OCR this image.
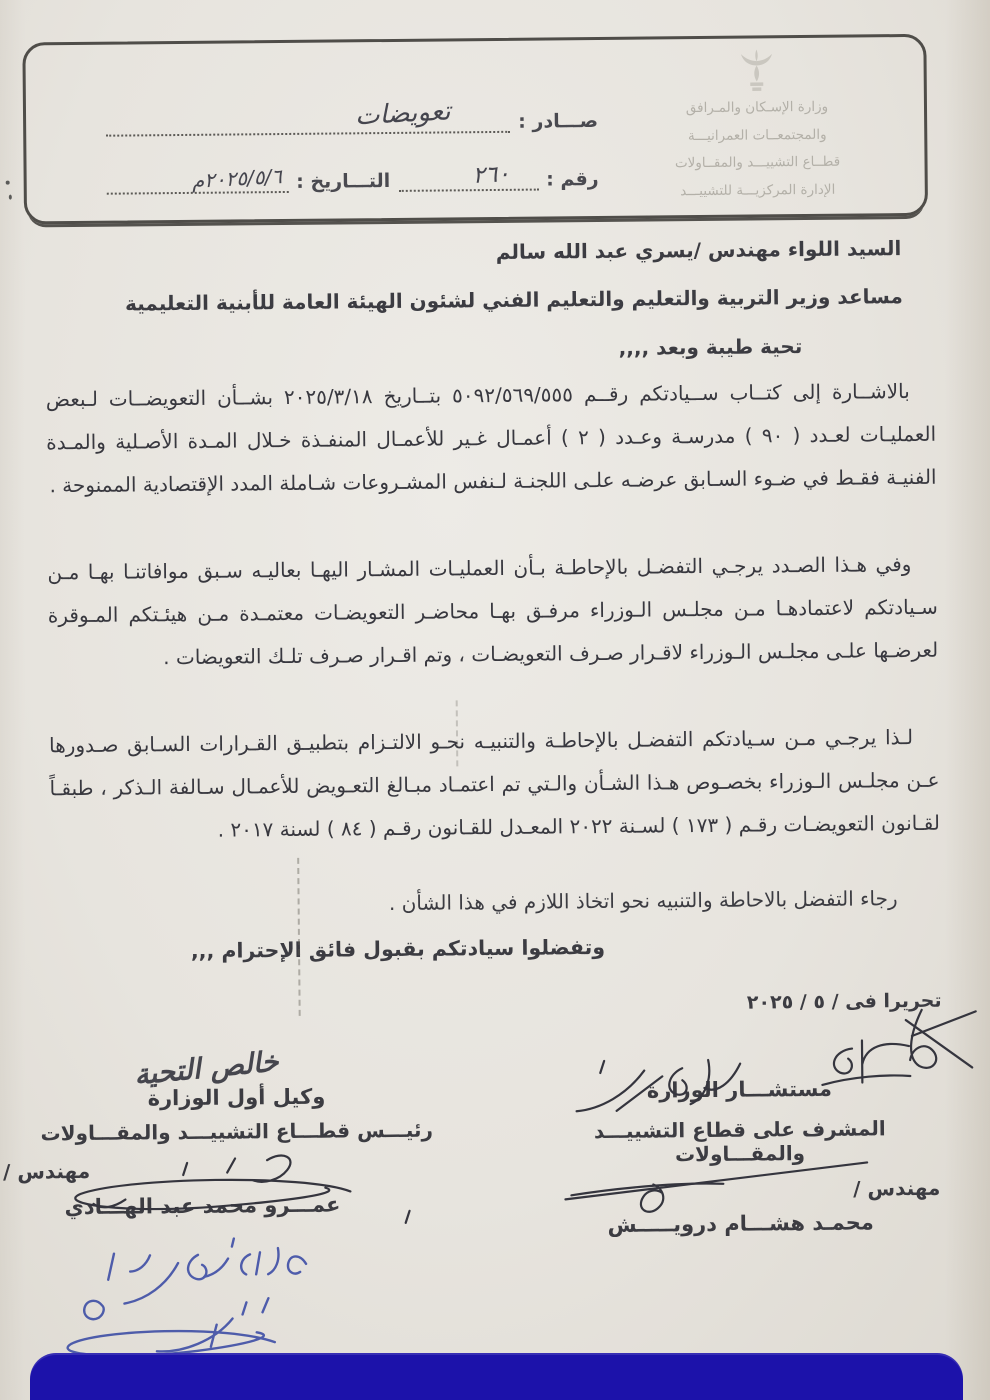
وزارة الإسـكان والمـرافق
والمجتمعــات العمرانيـــة
قطــاع التشييـــد والمقــاولات
الإدارة المركزيـــة للتشييـــد
صـــادر :
تعويضات
رقم :
٢٦٠
التـــاريخ :
٢٠٢٥/٥/٦م
السيد اللواء مهندس /يسري عبد الله سالم
مساعد وزير التربية والتعليم والتعليم الفني لشئون الهيئة العامة للأبنية التعليمية
تحية طيبة وبعد ,,,,
بالاشــارة إلى كتــاب ســيادتكم رقــم ٥٠٩٢/٥٦٩/٥٥٥ بتــاريخ ٢٠٢٥/٣/١٨ بشــأن التعويضــات لـبعض العمليـات لعـدد ( ٩٠ ) مدرسـة وعـدد ( ٢ ) أعمـال غـير للأعمـال المنفـذة خـلال المـدة الأصـلية والمـدة الفنيـة فقـط في ضـوء السـابق عرضـه علـى اللجنـة لـنفس المشـروعات شـاملة المدد الإقتصادية الممنوحة .
وفي هـذا الصـدد يرجـي التفضـل بالإحاطـة بـأن العمليـات المشـار اليهـا بعاليـه سـبق موافاتنـا بهـا مـن سـيادتكم لاعتمادهـا مـن مجلـس الـوزراء مرفـق بهـا محاضـر التعويضـات معتمـدة مـن هيئـتكم المـوقرة لعرضـها علـى مجلـس الـوزراء لاقـرار صـرف التعويضـات ، وتم اقـرار صـرف تلـك التعويضات .
لـذا يرجـي مـن سـيادتكم التفضـل بالإحاطـة والتنبيـه نحـو الالتـزام بتطبيـق القـرارات السـابق صـدورها عـن مجلـس الـوزراء بخصـوص هـذا الشـأن والـتي تم اعتمـاد مبـالغ التعـويض للأعمـال سـالفة الـذكر ، طبقـاً لقـانون التعويضـات رقـم ( ١٧٣ ) لسـنة ٢٠٢٢ المعـدل للقـانون رقـم ( ٨٤ ) لسنة ٢٠١٧ .
رجاء التفضل بالاحاطة والتنبيه نحو اتخاذ اللازم في هذا الشأن .
وتفضلوا سيادتكم بقبول فائق الإحترام ,,,
تحريرا فى / ٥ / ٢٠٢٥
مستشـــار الوزارة
المشرف على قطاع التشييـــد والمقـــاولات
مهندس /
محمـد هشـــام درويـــــش
خالص التحية
وكيل أول الوزارة
رئيـــس قطـــاع التشييـــد والمقـــاولات
مهندس /
عمـــرو محمد عبد الهـــادي
